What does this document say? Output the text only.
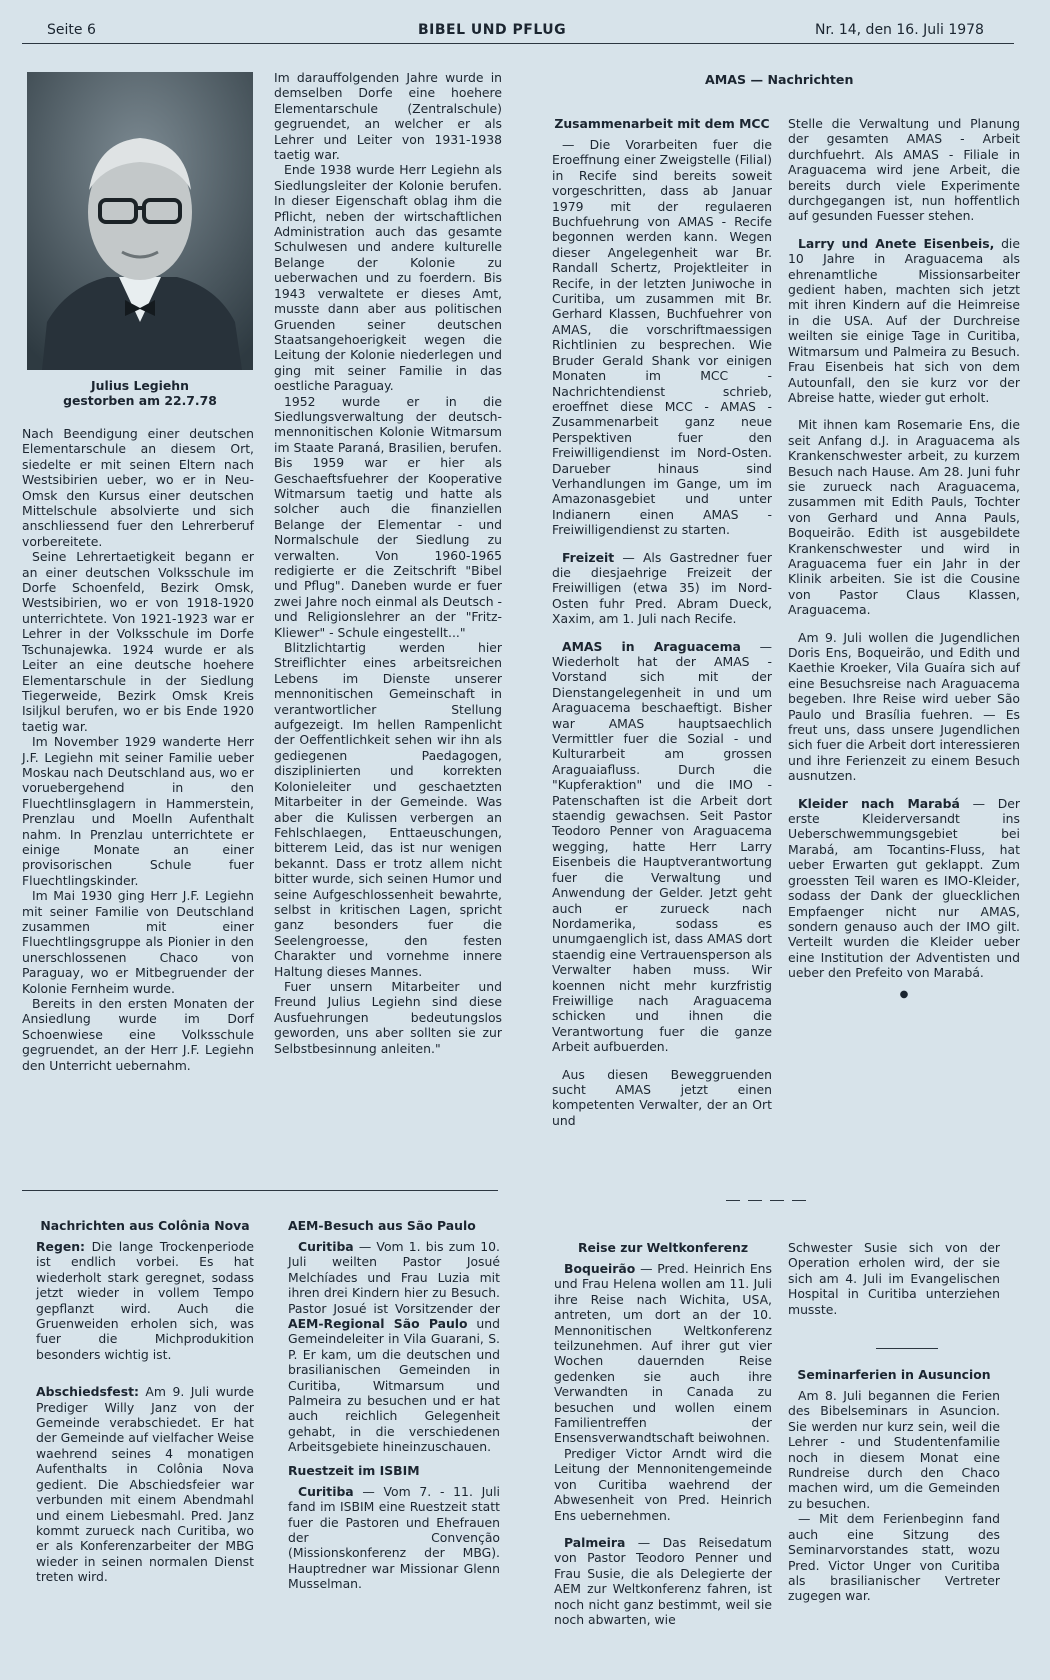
Seite 6	BIBEL UND PFLUG	Nr. 14, den 16. Juli 1978
Julius Legiehn
gestorben am 22.7.78

Nach Beendigung einer deutschen Elementarschule an diesem Ort, siedelte er mit seinen Eltern nach Westsibirien ueber, wo er in Neu-Omsk den Kursus einer deutschen Mittelschule absolvierte und sich anschliessend fuer den Lehrerberuf vorbereitete.

Seine Lehrertaetigkeit begann er an einer deutschen Volksschule im Dorfe Schoenfeld, Bezirk Omsk, Westsibirien, wo er von 1918-1920 unterrichtete. Von 1921-1923 war er Lehrer in der Volksschule im Dorfe Tschunajewka. 1924 wurde er als Leiter an eine deutsche hoehere Elementarschule in der Siedlung Tiegerweide, Bezirk Omsk Kreis Isiljkul berufen, wo er bis Ende 1920 taetig war.

Im November 1929 wanderte Herr J.F. Legiehn mit seiner Familie ueber Moskau nach Deutschland aus, wo er voruebergehend in den Fluechtlinsglagern in Hammerstein, Prenzlau und Moelln Aufenthalt nahm. In Prenzlau unterrichtete er einige Monate an einer provisorischen Schule fuer Fluechtlingskinder.

Im Mai 1930 ging Herr J.F. Legiehn mit seiner Familie von Deutschland zusammen mit einer Fluechtlingsgruppe als Pionier in den unerschlossenen Chaco von Paraguay, wo er Mitbegruender der Kolonie Fernheim wurde.

Bereits in den ersten Monaten der Ansiedlung wurde im Dorf Schoenwiese eine Volksschule gegruendet, an der Herr J.F. Legiehn den Unterricht uebernahm.

Im darauffolgenden Jahre wurde in demselben Dorfe eine hoehere Elementarschule (Zentralschule) gegruendet, an welcher er als Lehrer und Leiter von 1931-1938 taetig war.

Ende 1938 wurde Herr Legiehn als Siedlungsleiter der Kolonie berufen. In dieser Eigenschaft oblag ihm die Pflicht, neben der wirtschaftlichen Administration auch das gesamte Schulwesen und andere kulturelle Belange der Kolonie zu ueberwachen und zu foerdern. Bis 1943 verwaltete er dieses Amt, musste dann aber aus politischen Gruenden seiner deutschen Staatsangehoerigkeit wegen die Leitung der Kolonie niederlegen und ging mit seiner Familie in das oestliche Paraguay.

1952 wurde er in die Siedlungsverwaltung der deutsch-mennonitischen Kolonie Witmarsum im Staate Paraná, Brasilien, berufen. Bis 1959 war er hier als Geschaeftsfuehrer der Kooperative Witmarsum taetig und hatte als solcher auch die finanziellen Belange der Elementar - und Normalschule der Siedlung zu verwalten. Von 1960-1965 redigierte er die Zeitschrift "Bibel und Pflug". Daneben wurde er fuer zwei Jahre noch einmal als Deutsch - und Religionslehrer an der "Fritz-Kliewer" - Schule eingestellt..."

Blitzlichtartig werden hier Streiflichter eines arbeitsreichen Lebens im Dienste unserer mennonitischen Gemeinschaft in verantwortlicher Stellung aufgezeigt. Im hellen Rampenlicht der Oeffentlichkeit sehen wir ihn als gediegenen Paedagogen, disziplinierten und korrekten Kolonieleiter und geschaetzten Mitarbeiter in der Gemeinde. Was aber die Kulissen verbergen an Fehlschlaegen, Enttaeuschungen, bitterem Leid, das ist nur wenigen bekannt. Dass er trotz allem nicht bitter wurde, sich seinen Humor und seine Aufgeschlossenheit bewahrte, selbst in kritischen Lagen, spricht ganz besonders fuer die Seelengroesse, den festen Charakter und vornehme innere Haltung dieses Mannes.

Fuer unsern Mitarbeiter und Freund Julius Legiehn sind diese Ausfuehrungen bedeutungslos geworden, uns aber sollten sie zur Selbstbesinnung anleiten."

AMAS — Nachrichten
Zusammenarbeit mit dem MCC

— Die Vorarbeiten fuer die Eroeffnung einer Zweigstelle (Filial) in Recife sind bereits soweit vorgeschritten, dass ab Januar 1979 mit der regulaeren Buchfuehrung von AMAS - Recife begonnen werden kann. Wegen dieser Angelegenheit war Br. Randall Schertz, Projektleiter in Recife, in der letzten Juniwoche in Curitiba, um zusammen mit Br. Gerhard Klassen, Buchfuehrer von AMAS, die vorschriftmaessigen Richtlinien zu besprechen. Wie Bruder Gerald Shank vor einigen Monaten im MCC - Nachrichtendienst schrieb, eroeffnet diese MCC - AMAS - Zusammenarbeit ganz neue Perspektiven fuer den Freiwilligendienst im Nord-Osten. Darueber hinaus sind Verhandlungen im Gange, um im Amazonasgebiet und unter Indianern einen AMAS - Freiwilligendienst zu starten.

Freizeit — Als Gastredner fuer die diesjaehrige Freizeit der Freiwilligen (etwa 35) im Nord-Osten fuhr Pred. Abram Dueck, Xaxim, am 1. Juli nach Recife.

AMAS in Araguacema — Wiederholt hat der AMAS - Vorstand sich mit der Dienstangelegenheit in und um Araguacema beschaeftigt. Bisher war AMAS hauptsaechlich Vermittler fuer die Sozial - und Kulturarbeit am grossen Araguaiafluss. Durch die "Kupferaktion" und die IMO - Patenschaften ist die Arbeit dort staendig gewachsen. Seit Pastor Teodoro Penner von Araguacema wegging, hatte Herr Larry Eisenbeis die Hauptverantwortung fuer die Verwaltung und Anwendung der Gelder. Jetzt geht auch er zurueck nach Nordamerika, sodass es unumgaenglich ist, dass AMAS dort staendig eine Vertrauensperson als Verwalter haben muss. Wir koennen nicht mehr kurzfristig Freiwillige nach Araguacema schicken und ihnen die Verantwortung fuer die ganze Arbeit aufbuerden.

Aus diesen Beweggruenden sucht AMAS jetzt einen kompetenten Verwalter, der an Ort und

Stelle die Verwaltung und Planung der gesamten AMAS - Arbeit durchfuehrt. Als AMAS - Filiale in Araguacema wird jene Arbeit, die bereits durch viele Experimente durchgegangen ist, nun hoffentlich auf gesunden Fuesser stehen.

Larry und Anete Eisenbeis, die 10 Jahre in Araguacema als ehrenamtliche Missionsarbeiter gedient haben, machten sich jetzt mit ihren Kindern auf die Heimreise in die USA. Auf der Durchreise weilten sie einige Tage in Curitiba, Witmarsum und Palmeira zu Besuch. Frau Eisenbeis hat sich von dem Autounfall, den sie kurz vor der Abreise hatte, wieder gut erholt.

Mit ihnen kam Rosemarie Ens, die seit Anfang d.J. in Araguacema als Krankenschwester arbeit, zu kurzem Besuch nach Hause. Am 28. Juni fuhr sie zurueck nach Araguacema, zusammen mit Edith Pauls, Tochter von Gerhard und Anna Pauls, Boqueirão. Edith ist ausgebildete Krankenschwester und wird in Araguacema fuer ein Jahr in der Klinik arbeiten. Sie ist die Cousine von Pastor Claus Klassen, Araguacema.

Am 9. Juli wollen die Jugendlichen Doris Ens, Boqueirão, und Edith und Kaethie Kroeker, Vila Guaíra sich auf eine Besuchsreise nach Araguacema begeben. Ihre Reise wird ueber São Paulo und Brasília fuehren. — Es freut uns, dass unsere Jugendlichen sich fuer die Arbeit dort interessieren und ihre Ferienzeit zu einem Besuch ausnutzen.

Kleider nach Marabá — Der erste Kleiderversandt ins Ueberschwemmungsgebiet bei Marabá, am Tocantins-Fluss, hat ueber Erwarten gut geklappt. Zum groessten Teil waren es IMO-Kleider, sodass der Dank der gluecklichen Empfaenger nicht nur AMAS, sondern genauso auch der IMO gilt. Verteilt wurden die Kleider ueber eine Institution der Adventisten und ueber den Prefeito von Marabá.

●
Nachrichten aus Colônia Nova

Regen: Die lange Trockenperiode ist endlich vorbei. Es hat wiederholt stark geregnet, sodass jetzt wieder in vollem Tempo gepflanzt wird. Auch die Gruenweiden erholen sich, was fuer die Michprodukition besonders wichtig ist.

Abschiedsfest: Am 9. Juli wurde Prediger Willy Janz von der Gemeinde verabschiedet. Er hat der Gemeinde auf vielfacher Weise waehrend seines 4 monatigen Aufenthalts in Colônia Nova gedient. Die Abschiedsfeier war verbunden mit einem Abendmahl und einem Liebesmahl. Pred. Janz kommt zurueck nach Curitiba, wo er als Konferenzarbeiter der MBG wieder in seinen normalen Dienst treten wird.

AEM-Besuch aus São Paulo

Curitiba — Vom 1. bis zum 10. Juli weilten Pastor Josué Melchíades und Frau Luzia mit ihren drei Kindern hier zu Besuch. Pastor Josué ist Vorsitzender der AEM-Regional São Paulo und Gemeindeleiter in Vila Guarani, S. P. Er kam, um die deutschen und brasilianischen Gemeinden in Curitiba, Witmarsum und Palmeira zu besuchen und er hat auch reichlich Gelegenheit gehabt, in die verschiedenen Arbeitsgebiete hineinzuschauen.

Ruestzeit im ISBIM

Curitiba — Vom 7. - 11. Juli fand im ISBIM eine Ruestzeit statt fuer die Pastoren und Ehefrauen der Convenção (Missionskonferenz der MBG). Hauptredner war Missionar Glenn Musselman.

Reise zur Weltkonferenz

Boqueirão — Pred. Heinrich Ens und Frau Helena wollen am 11. Juli ihre Reise nach Wichita, USA, antreten, um dort an der 10. Mennonitischen Weltkonferenz teilzunehmen. Auf ihrer gut vier Wochen dauernden Reise gedenken sie auch ihre Verwandten in Canada zu besuchen und wollen einem Familientreffen der Ensensverwandtschaft beiwohnen.

Prediger Victor Arndt wird die Leitung der Mennonitengemeinde von Curitiba waehrend der Abwesenheit von Pred. Heinrich Ens uebernehmen.

Palmeira — Das Reisedatum von Pastor Teodoro Penner und Frau Susie, die als Delegierte der AEM zur Weltkonferenz fahren, ist noch nicht ganz bestimmt, weil sie noch abwarten, wie

Schwester Susie sich von der Operation erholen wird, der sie sich am 4. Juli im Evangelischen Hospital in Curitiba unterziehen musste.

Seminarferien in Ausuncion

Am 8. Juli begannen die Ferien des Bibelseminars in Asuncion. Sie werden nur kurz sein, weil die Lehrer - und Studentenfamilie noch in diesem Monat eine Rundreise durch den Chaco machen wird, um die Gemeinden zu besuchen.

— Mit dem Ferienbeginn fand auch eine Sitzung des Seminarvorstandes statt, wozu Pred. Victor Unger von Curitiba als brasilianischer Vertreter zugegen war.
